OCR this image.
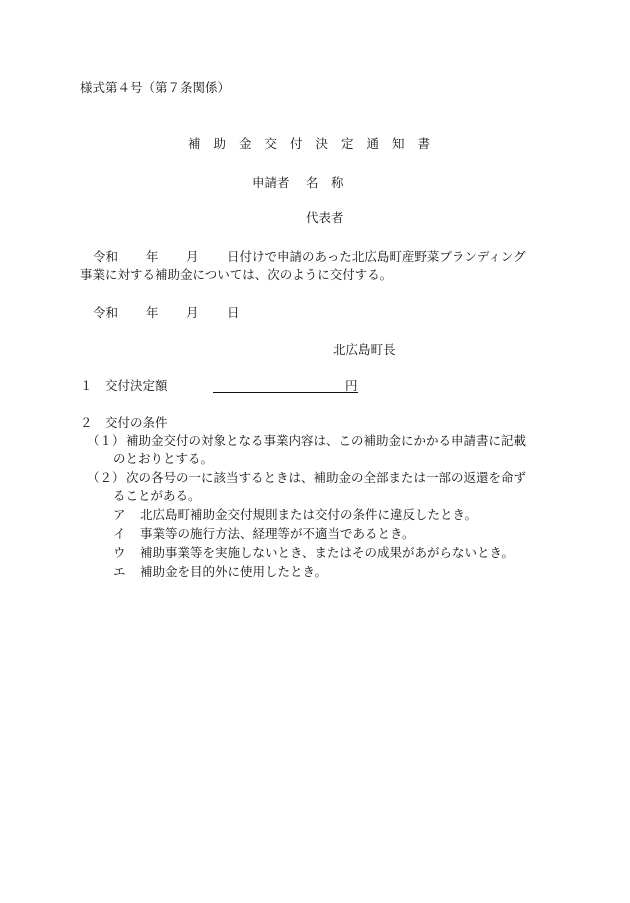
様式第４号（第７条関係）
補助金交付決定通知書
申請者 名　称
代表者
令和 年 月 日付けで申請のあった北広島町産野菜ブランディング
事業に対する補助金については、次のように交付する。
令和 年 月 日
北広島町長
１ 交付決定額	円
２ 交付の条件
（１） 補助金交付の対象となる事業内容は、この補助金にかかる申請書に記載
のとおりとする。
（２） 次の各号の一に該当するときは、補助金の全部または一部の返還を命ず
ることがある。
ア 北広島町補助金交付規則または交付の条件に違反したとき。
イ 事業等の施行方法、経理等が不適当であるとき。
ウ 補助事業等を実施しないとき、またはその成果があがらないとき。
エ 補助金を目的外に使用したとき。
